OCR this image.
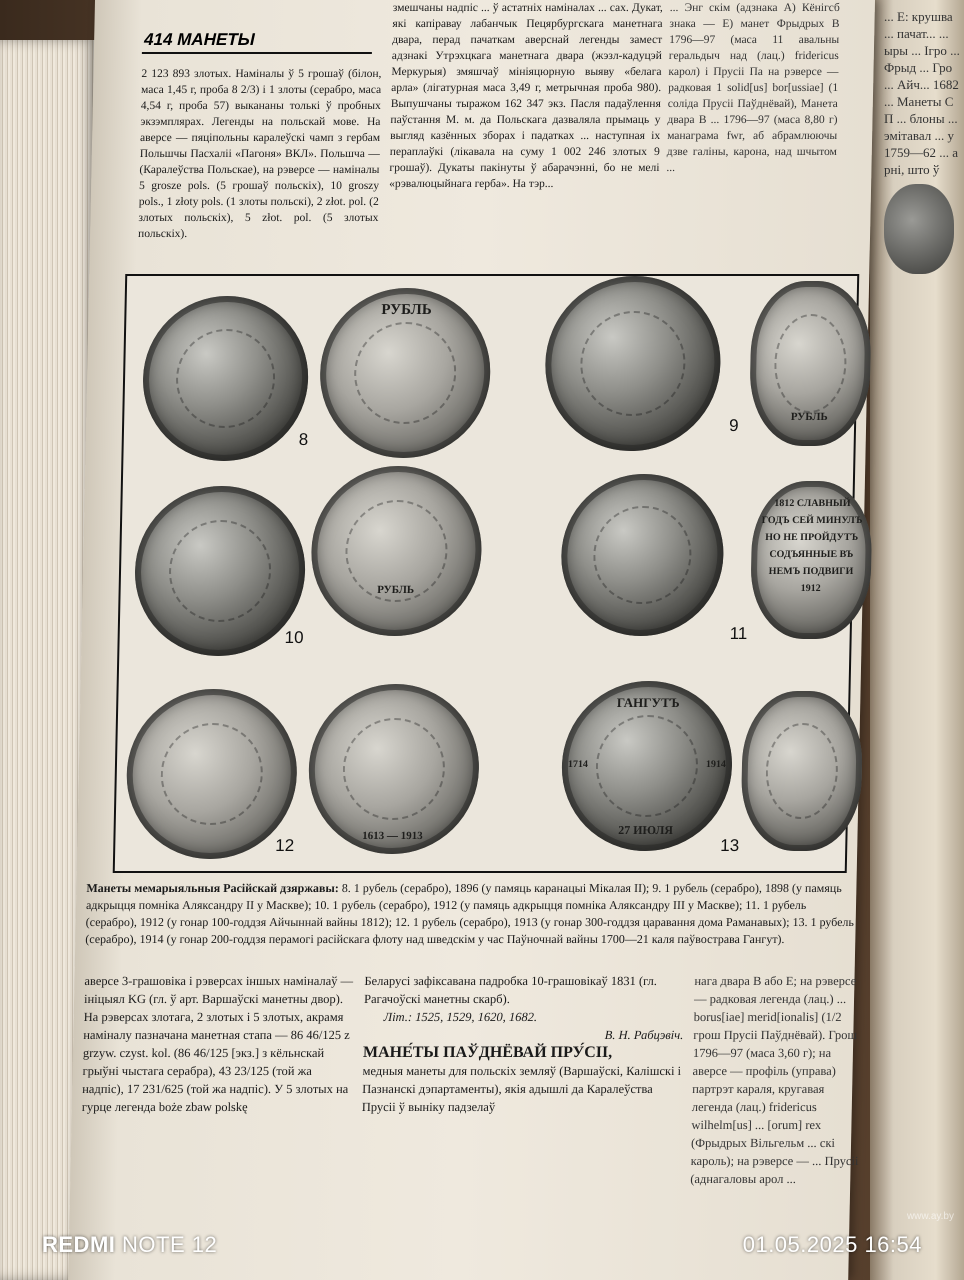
... Е: крушва ... пачат... ... ыры ... Ігро ... Фрыд ... Гро ... Айч... 1682 ... Манеты СП ... блоны ... эмітавал ... у 1759—62 ... арні, што ў
414 МАНЕТЫ
2 123 893 злотых. Наміналы ў 5 грошаў (білон, маса 1,45 г, проба 8 2/3) і 1 злоты (серабро, маса 4,54 г, проба 57) выкананы толькі ў пробных экзэмплярах. Легенды на польскай мове. На аверсе — пяціпольны каралеўскі чамп з гербам Польшчы Пасхаліі «Пагоня» ВКЛ». Польшча — (Каралеўства Польскае), на рэверсе — наміналы 5 grosze pols. (5 грошаў польскіх), 10 groszy pols., 1 złoty pols. (1 злоты польскі), 2 złot. pol. (2 злотых польскіх), 5 złot. pol. (5 злотых польскіх).
змешчаны надпіс ... ў астатніх наміналах ... сах. Дукат, які капіравау лабанчык Пецярбургскага манетнага двара, перад пачаткам аверснай легенды замест адзнакі Утрэхцкага манетнага двара (жэзл-кадуцэй Меркурыя) змяшчаў мініяцюрную выяву «белага арла» (лігатурная маса 3,49 г, метрычная проба 980). Выпушчаны тыражом 162 347 экз. Пасля падаўлення паўстання М. м. да Польскага дазваляла прымаць у выгляд казённых зборах і падатках ... наступная іх пераплаўкі (лікавала на суму 1 002 246 злотых 9 грошаў). Дукаты пакінуты ў абарачэнні, бо не мелі «рэвалюцыйнага герба». На тэр...
... Энг скім (адзнака А) Кёнігсб знака — Е) манет Фрыдрых В 1796—97 (маса 11 авальны геральдыч над (лац.) fridericus карол) і Прусіі Па на рэверсе — радковая 1 solid[us] bor[ussiae] (1 соліда Прусіі Паўднёвай), Манета двара В ... 1796—97 (маса 8,80 г) манаграма fwr, аб абрамлюючы дзве галіны, карона, над шчытом ...
РУБЛЬ
8
РУБЛЬ
9
РУБЛЬ
10
1812 СЛАВНЫЙ ГОДЪ СЕЙ МИНУЛЪ НО НЕ ПРОЙДУТЪ СОДЪЯННЫЕ ВЪ НЕМЪ ПОДВИГИ 1912
11
1613 — 1913
12
ГАНГУТЪ
27 ИЮЛЯ
1714	1914
13
Манеты мемарыяльныя Расійскай дзяржавы: 8. 1 рубель (серабро), 1896 (у памяць каранацыі Мікалая II); 9. 1 рубель (серабро), 1898 (у памяць адкрыцця помніка Аляксандру II у Маскве); 10. 1 рубель (серабро), 1912 (у памяць адкрыцця помніка Аляксандру III у Маскве); 11. 1 рубель (серабро), 1912 (у гонар 100-годдзя Айчыннай вайны 1812); 12. 1 рубель (серабро), 1913 (у гонар 300-годдзя царавання дома Раманавых); 13. 1 рубель (серабро), 1914 (у гонар 200-годдзя перамогі расійскага флоту над шведскім у час Паўночнай вайны 1700—21 каля паўвострава Гангут).
аверсе 3-грашовіка і рэверсах іншых наміналаў — ініцыял KG (гл. ў арт. Варшаўскі манетны двор). На рэверсах злотага, 2 злотых і 5 злотых, акрамя наміналу пазначана манетная стапа — 86 46/125 z grzyw. czyst. kol. (86 46/125 [экз.] з кёльнскай грыўні чыстага серабра), 43 23/125 (той жа надпіс), 17 231/625 (той жа надпіс). У 5 злотых на гурце легенда boże zbaw polskę
Беларусі зафіксавана падробка 10-грашовікаў 1831 (гл. Рагачоўскі манетны скарб).
Літ.: 1525, 1529, 1620, 1682.
В. Н. Рабцэвіч.
МАНЕ́ТЫ ПАЎДНЁВАЙ ПРУ́СІІ,
медныя манеты для польскіх земляў (Варшаўскі, Калішскі і Пазнанскі дэпартаменты), якія адышлі да Каралеўства Прусіі ў выніку падзелаў
нага двара В або Е; на рэверсе — радковая легенда (лац.) ... borus[iae] merid[ionalis] (1/2 грош Прусіі Паўднёвай). Грош 1796—97 (маса 3,60 г); на аверсе — профіль (управа) партрэт караля, кругавая легенда (лац.) fridericus wilhelm[us] ... [orum] rex (Фрыдрых Вільгельм ... скі кароль); на рэверсе — ... Прусіі (аднагаловы арол ...
www.ay.by
REDMI NOTE 12	01.05.2025 16:54
